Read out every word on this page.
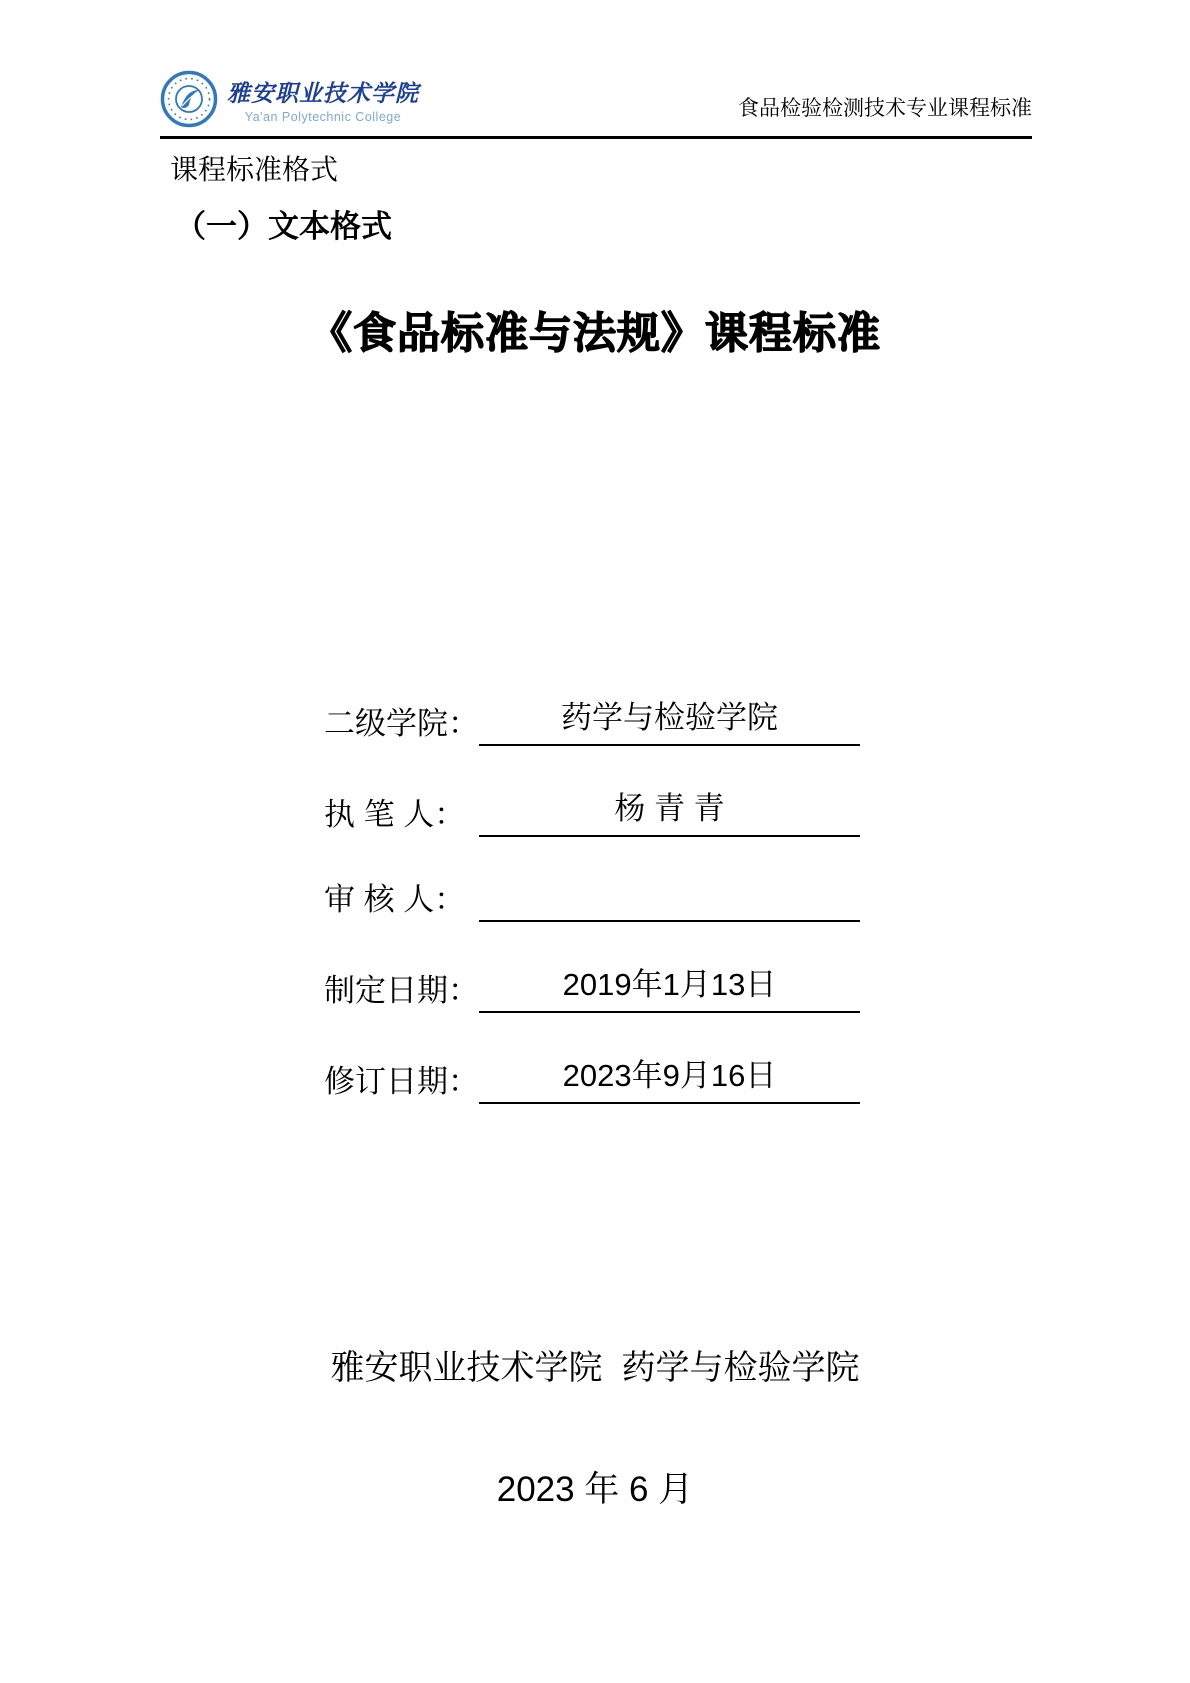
雅安职业技术学院
Ya'an Polytechnic College	食品检验检测技术专业课程标准
课程标准格式
（一）文本格式
《食品标准与法规》课程标准
二级学院：	药学与检验学院
执 笔 人：	杨 青 青
审 核 人：
制定日期：	2019年1月13日
修订日期：	2023年9月16日
雅安职业技术学院  药学与检验学院
2023 年 6 月
